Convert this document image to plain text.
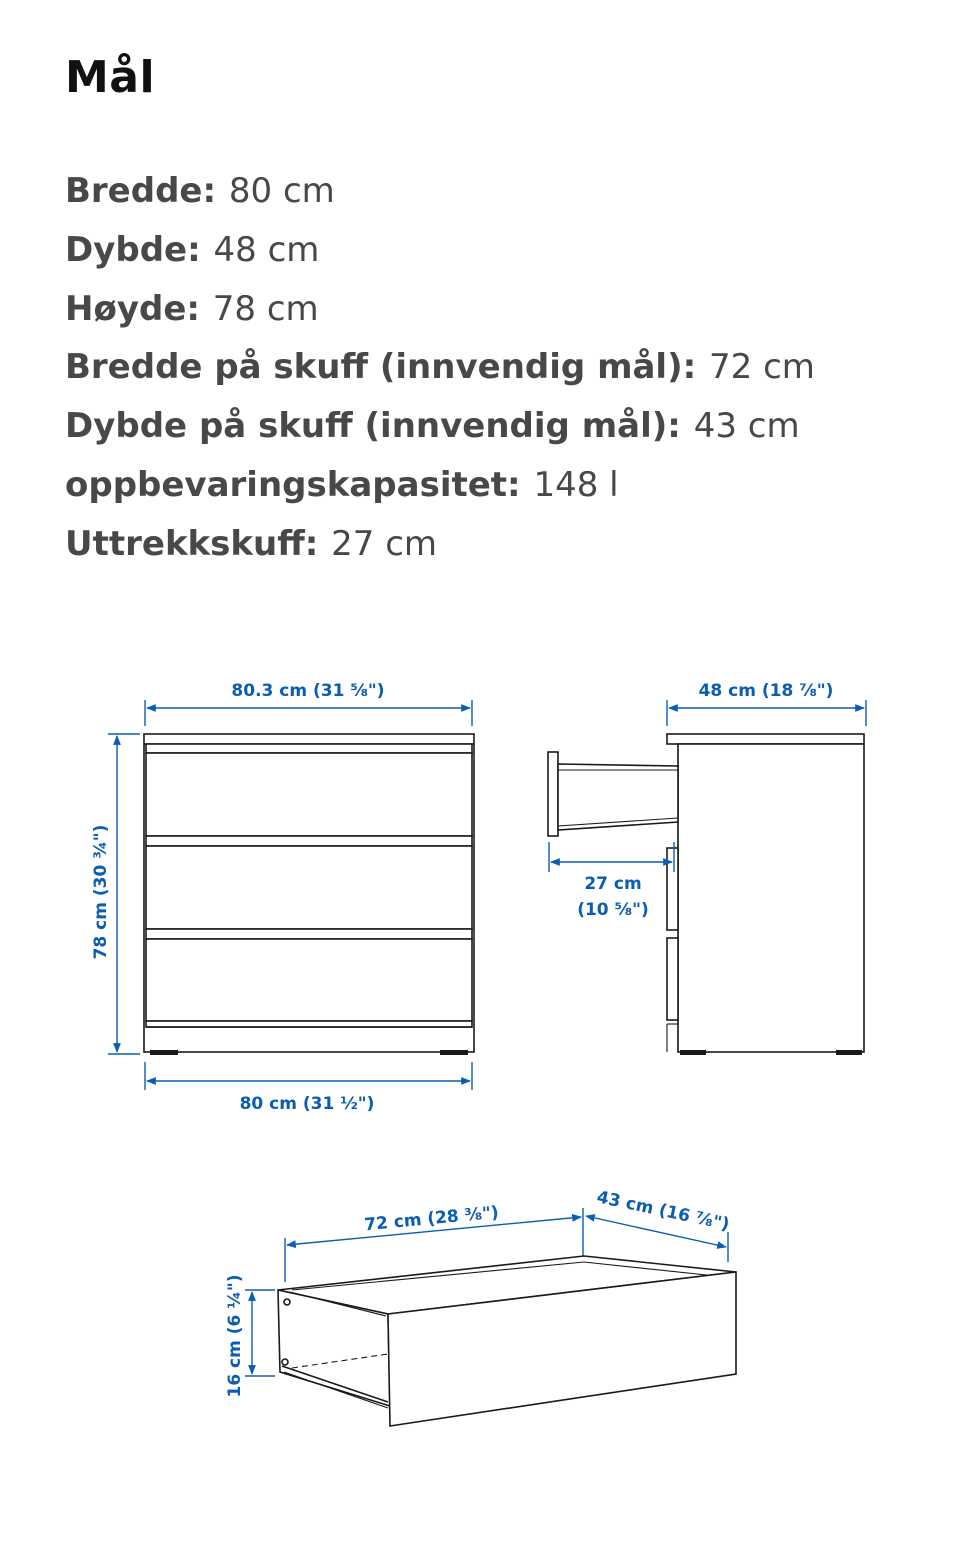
Mål
Bredde: 80 cm
Dybde: 48 cm
Høyde: 78 cm
Bredde på skuff (innvendig mål): 72 cm
Dybde på skuff (innvendig mål): 43 cm
oppbevaringskapasitet: 148 l
Uttrekkskuff: 27 cm
80.3 cm (31 ⅝")
78 cm (30 ¾")
80 cm (31 ½")
48 cm (18 ⅞")
27 cm
(10 ⅝")
72 cm (28 ⅜")	43 cm (16 ⅞")
16 cm (6 ¼")
